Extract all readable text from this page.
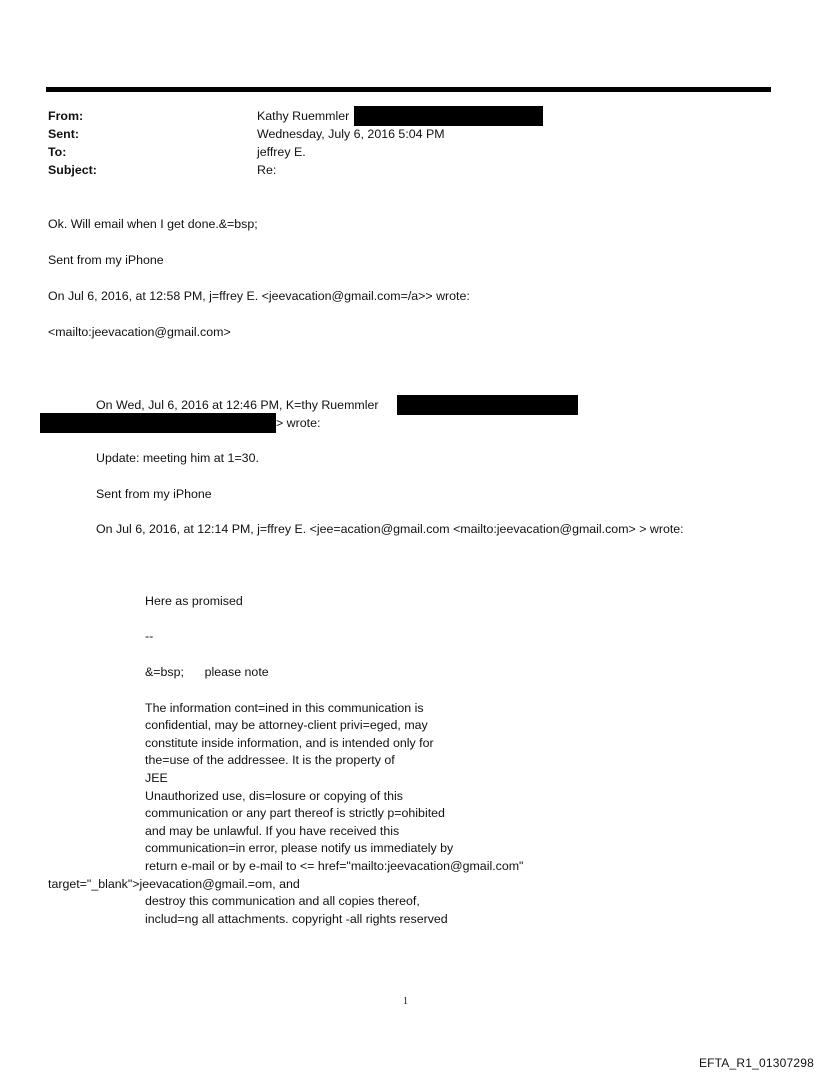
From:	Kathy Ruemmler
Sent:	Wednesday, July 6, 2016 5:04 PM
To:	jeffrey E.
Subject:	Re:
Ok. Will email when I get done.&=bsp;
Sent from my iPhone
On Jul 6, 2016, at 12:58 PM, j=ffrey E. <jeevacation@gmail.com=/a>> wrote:
<mailto:jeevacation@gmail.com>
On Wed, Jul 6, 2016 at 12:46 PM, K=thy Ruemmler
> wrote:
Update: meeting him at 1=30.
Sent from my iPhone
On Jul 6, 2016, at 12:14 PM, j=ffrey E. <jee=acation@gmail.com <mailto:jeevacation@gmail.com> > wrote:
Here as promised
--
&=bsp;      please note
The information cont=ined in this communication is
confidential, may be attorney-client privi=eged, may
constitute inside information, and is intended only for
the=use of the addressee. It is the property of
JEE
Unauthorized use, dis=losure or copying of this
communication or any part thereof is strictly p=ohibited
and may be unlawful. If you have received this
communication=in error, please notify us immediately by
return e-mail or by e-mail to <= href="mailto:jeevacation@gmail.com"
target="_blank">jeevacation@gmail.=om, and
destroy this communication and all copies thereof,
includ=ng all attachments. copyright -all rights reserved
1
EFTA_R1_01307298
